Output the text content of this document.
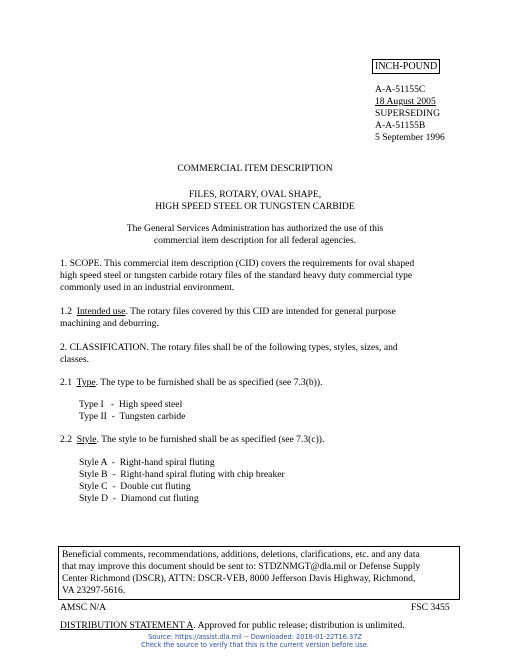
INCH-POUND
A-A-51155C
18 August 2005
SUPERSEDING
A-A-51155B
5 September 1996
COMMERCIAL ITEM DESCRIPTION
FILES, ROTARY, OVAL SHAPE,
HIGH SPEED STEEL OR TUNGSTEN CARBIDE
The General Services Administration has authorized the use of this
commercial item description for all federal agencies.
1. SCOPE. This commercial item description (CID) covers the requirements for oval shaped
high speed steel or tungsten carbide rotary files of the standard heavy duty commercial type
commonly used in an industrial environment.
1.2 Intended use. The rotary files covered by this CID are intended for general purpose
machining and deburring.
2. CLASSIFICATION. The rotary files shall be of the following types, styles, sizes, and
classes.
2.1 Type. The type to be furnished shall be as specified (see 7.3(b)).
Type I   -  High speed steel
Type II  -  Tungsten carbide
2.2 Style. The style to be furnished shall be as specified (see 7.3(c)).
Style A  -  Right-hand spiral fluting
Style B  -  Right-hand spiral fluting with chip breaker
Style C  -  Double cut fluting
Style D  -  Diamond cut fluting
Beneficial comments, recommendations, additions, deletions, clarifications, etc. and any data
that may improve this document should be sent to: STDZNMGT@dla.mil or Defense Supply
Center Richmond (DSCR), ATTN: DSCR-VEB, 8000 Jefferson Davis Highway, Richmond,
VA 23297-5616.
AMSC N/A	FSC 3455
DISTRIBUTION STATEMENT A. Approved for public release; distribution is unlimited.
Source: https://assist.dla.mil -- Downloaded: 2018-01-22T16:37Z
Check the source to verify that this is the current version before use.
